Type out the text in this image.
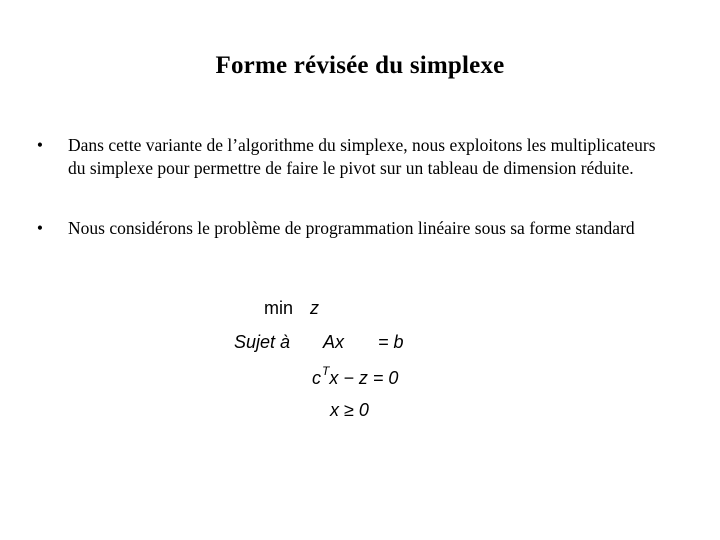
Forme révisée du simplexe
•	Dans cette variante de l’algorithme du simplexe, nous exploitons les multiplicateurs du simplexe pour permettre de faire le pivot sur un tableau de dimension réduite.
•	Nous considérons le problème de programmation linéaire sous sa forme standard
min z
Sujet à Ax = b
$c^Tx - z = 0$
x ≥ 0
